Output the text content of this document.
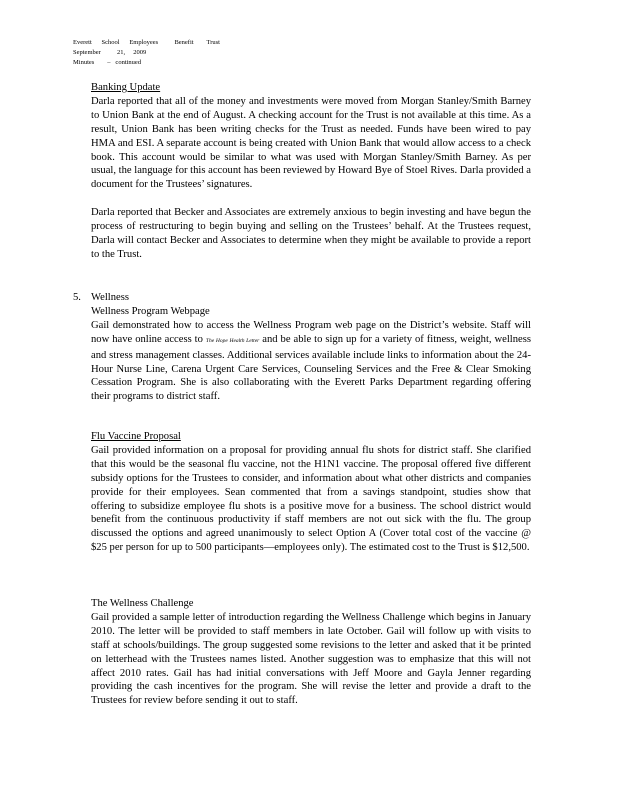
Everett      School      Employees          Benefit        Trust
September          21,     2009
Minutes        –   continued
Banking Update

Darla reported that all of the money and investments were moved from Morgan Stanley/Smith Barney to Union Bank at the end of August. A checking account for the Trust is not available at this time. As a result, Union Bank has been writing checks for the Trust as needed. Funds have been wired to pay HMA and ESI. A separate account is being created with Union Bank that would allow access to a check book. This account would be similar to what was used with Morgan Stanley/Smith Barney. As per usual, the language for this account has been reviewed by Howard Bye of Stoel Rives. Darla provided a document for the Trustees’ signatures.

Darla reported that Becker and Associates are extremely anxious to begin investing and have begun the process of restructuring to begin buying and selling on the Trustees’ behalf. At the Trustees request, Darla will contact Becker and Associates to determine when they might be available to provide a report to the Trust.

5. Wellness
Wellness Program Webpage

Gail demonstrated how to access the Wellness Program web page on the District’s website. Staff will now have online access to The Hope Health Letter and be able to sign up for a variety of fitness, weight, wellness and stress management classes. Additional services available include links to information about the 24-Hour Nurse Line, Carena Urgent Care Services, Counseling Services and the Free & Clear Smoking Cessation Program. She is also collaborating with the Everett Parks Department regarding offering their programs to district staff.

Flu Vaccine Proposal

Gail provided information on a proposal for providing annual flu shots for district staff. She clarified that this would be the seasonal flu vaccine, not the H1N1 vaccine. The proposal offered five different subsidy options for the Trustees to consider, and information about what other districts and companies provide for their employees. Sean commented that from a savings standpoint, studies show that offering to subsidize employee flu shots is a positive move for a business. The school district would benefit from the continuous productivity if staff members are not out sick with the flu. The group discussed the options and agreed unanimously to select Option A (Cover total cost of the vaccine @ $25 per person for up to 500 participants—employees only). The estimated cost to the Trust is $12,500.

The Wellness Challenge

Gail provided a sample letter of introduction regarding the Wellness Challenge which begins in January 2010. The letter will be provided to staff members in late October. Gail will follow up with visits to staff at schools/buildings. The group suggested some revisions to the letter and asked that it be printed on letterhead with the Trustees names listed. Another suggestion was to emphasize that this will not affect 2010 rates. Gail has had initial conversations with Jeff Moore and Gayla Jenner regarding providing the cash incentives for the program. She will revise the letter and provide a draft to the Trustees for review before sending it out to staff.
